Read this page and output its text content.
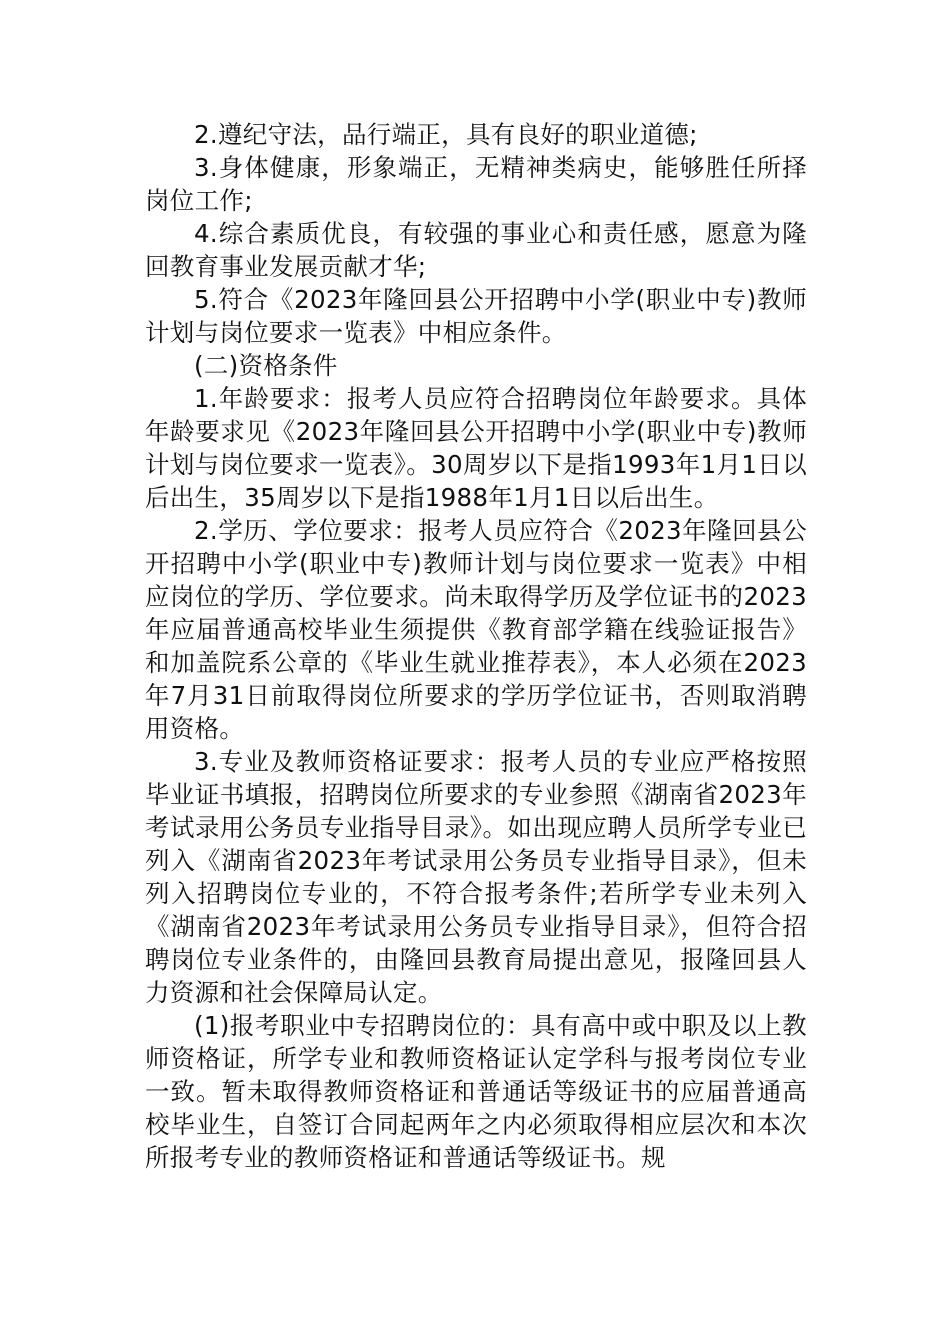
2.遵纪守法，品行端正，具有良好的职业道德;

3.身体健康，形象端正，无精神类病史，能够胜任所择岗位工作;

4.综合素质优良，有较强的事业心和责任感，愿意为隆回教育事业发展贡献才华;

5.符合《2023年隆回县公开招聘中小学(职业中专)教师计划与岗位要求一览表》中相应条件。

(二)资格条件

1.年龄要求：报考人员应符合招聘岗位年龄要求。具体年龄要求见《2023年隆回县公开招聘中小学(职业中专)教师计划与岗位要求一览表》。30周岁以下是指1993年1月1日以后出生，35周岁以下是指1988年1月1日以后出生。

2.学历、学位要求：报考人员应符合《2023年隆回县公开招聘中小学(职业中专)教师计划与岗位要求一览表》中相应岗位的学历、学位要求。尚未取得学历及学位证书的2023年应届普通高校毕业生须提供《教育部学籍在线验证报告》和加盖院系公章的《毕业生就业推荐表》，本人必须在2023年7月31日前取得岗位所要求的学历学位证书，否则取消聘用资格。

3.专业及教师资格证要求：报考人员的专业应严格按照毕业证书填报，招聘岗位所要求的专业参照《湖南省2023年考试录用公务员专业指导目录》。如出现应聘人员所学专业已列入《湖南省2023年考试录用公务员专业指导目录》，但未列入招聘岗位专业的，不符合报考条件;若所学专业未列入《湖南省2023年考试录用公务员专业指导目录》，但符合招聘岗位专业条件的，由隆回县教育局提出意见，报隆回县人力资源和社会保障局认定。

(1)报考职业中专招聘岗位的：具有高中或中职及以上教师资格证，所学专业和教师资格证认定学科与报考岗位专业一致。暂未取得教师资格证和普通话等级证书的应届普通高校毕业生，自签订合同起两年之内必须取得相应层次和本次所报考专业的教师资格证和普通话等级证书。规
